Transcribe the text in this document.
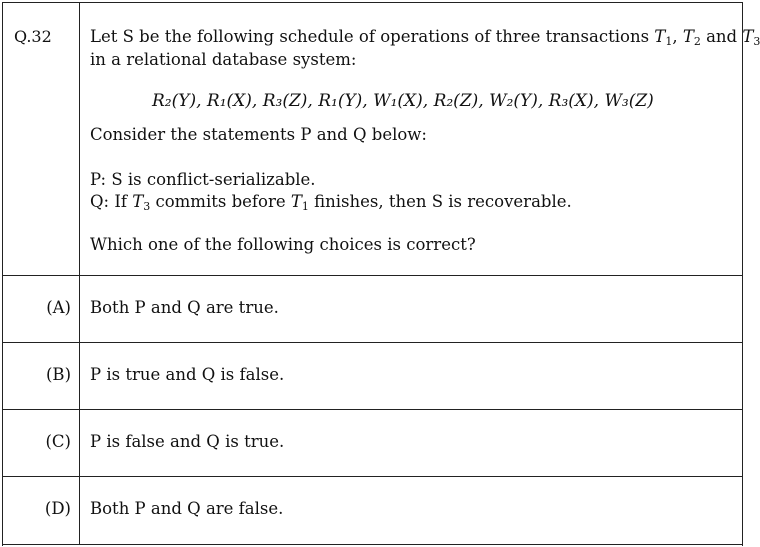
Q.32 Let S be the following schedule of operations of three transactions $T_1$, $T_2$ and $T_3$
in a relational database system:
R₂(Y), R₁(X), R₃(Z), R₁(Y), W₁(X), R₂(Z), W₂(Y), R₃(X), W₃(Z)
Consider the statements P and Q below:
P: S is conflict-serializable.
Q: If $T_3$ commits before $T_1$ finishes, then S is recoverable.
Which one of the following choices is correct?
(A) Both P and Q are true.
(B) P is true and Q is false.
(C) P is false and Q is true.
(D) Both P and Q are false.
